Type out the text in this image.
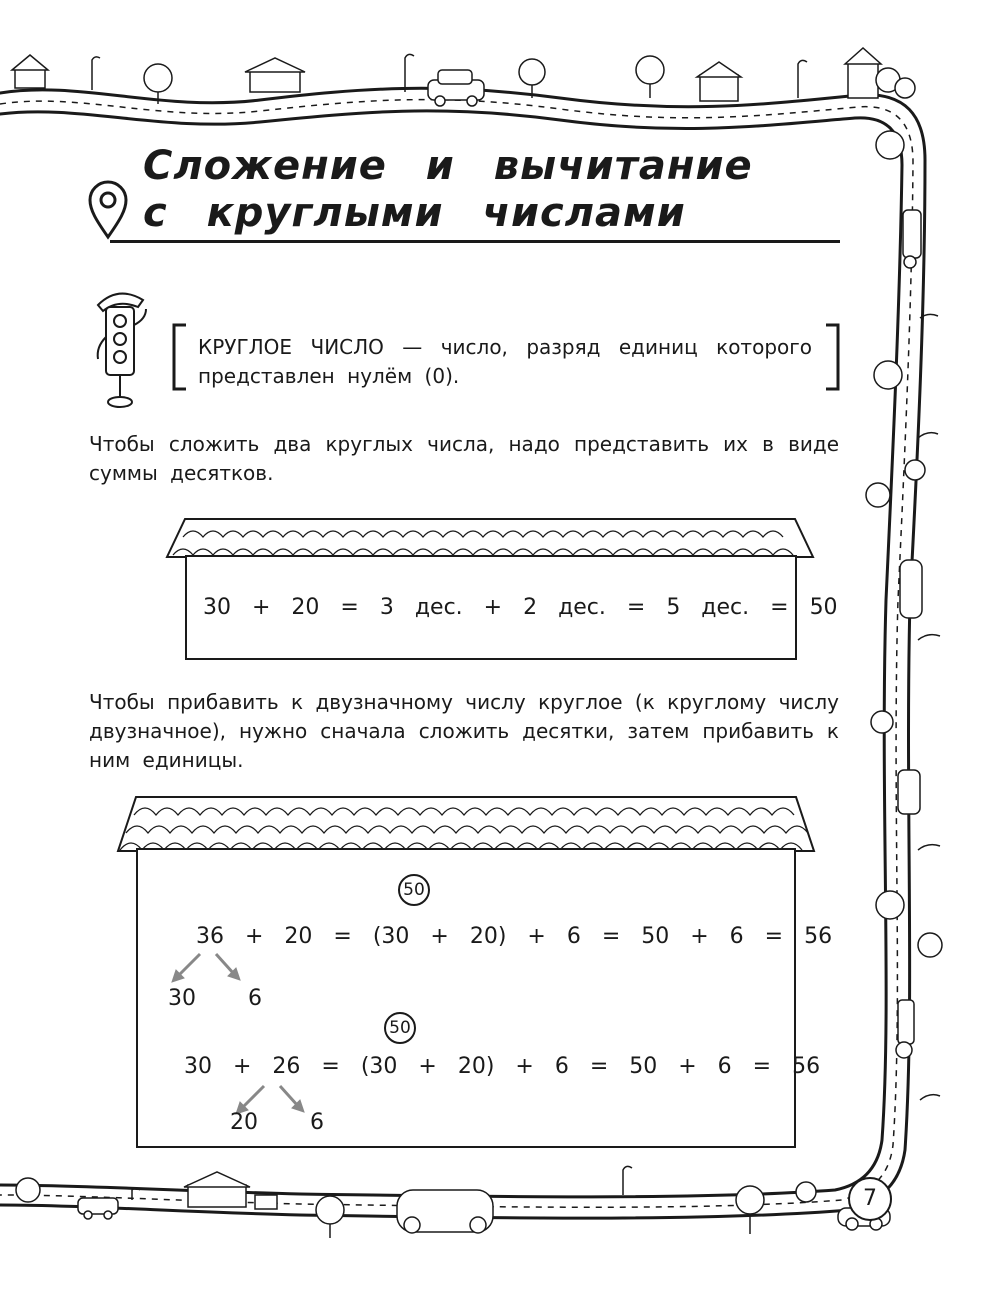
Сложение и вычитание
с круглыми числами
КРУГЛОЕ ЧИСЛО — число, разряд единиц которого представлен нулём (0).
Чтобы сложить два круглых числа, надо представить их в виде суммы десятков.
30 + 20 = 3 дес. + 2 дес. = 5 дес. = 50
Чтобы прибавить к двузначному числу круглое (к круглому числу двузначное), нужно сначала сложить десятки, затем прибавить к ним единицы.
50
36 + 20 = (30 + 20) + 6 = 50 + 6 = 56
30 6
50
30 + 26 = (30 + 20) + 6 = 50 + 6 = 56
20 6
7
